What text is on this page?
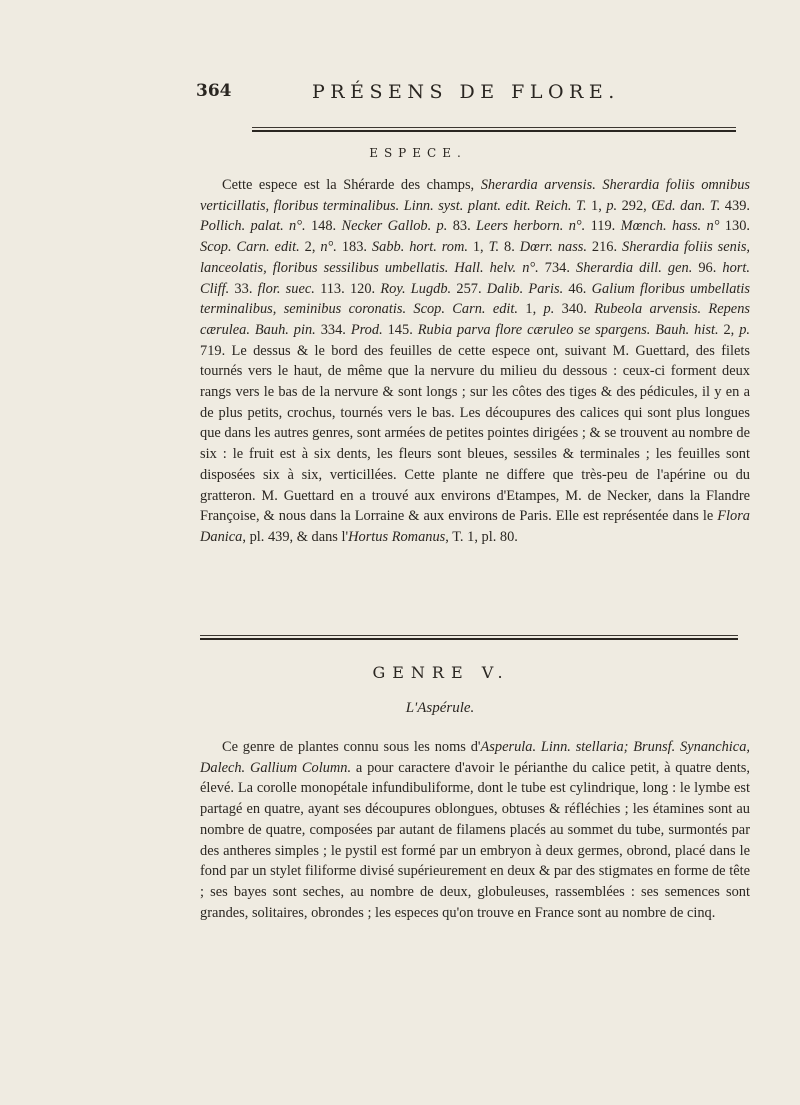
364	PRÉSENS DE FLORE.
ESPECE.

Cette espece est la Shérarde des champs, Sherardia arvensis. Sherardia foliis omnibus verticillatis, floribus terminalibus. Linn. syst. plant. edit. Reich. T. 1, p. 292, Œd. dan. T. 439. Pollich. palat. n°. 148. Necker Gallob. p. 83. Leers herborn. n°. 119. Mœnch. hass. n° 130. Scop. Carn. edit. 2, n°. 183. Sabb. hort. rom. 1, T. 8. Dœrr. nass. 216. Sherardia foliis senis, lanceolatis, floribus sessilibus umbellatis. Hall. helv. n°. 734. Sherardia dill. gen. 96. hort. Cliff. 33. flor. suec. 113. 120. Roy. Lugdb. 257. Dalib. Paris. 46. Galium floribus umbellatis terminalibus, seminibus coronatis. Scop. Carn. edit. 1, p. 340. Rubeola arvensis. Repens cærulea. Bauh. pin. 334. Prod. 145. Rubia parva flore cæruleo se spargens. Bauh. hist. 2, p. 719. Le dessus & le bord des feuilles de cette espece ont, suivant M. Guettard, des filets tournés vers le haut, de même que la nervure du milieu du dessous : ceux-ci forment deux rangs vers le bas de la nervure & sont longs ; sur les côtes des tiges & des pédicules, il y en a de plus petits, crochus, tournés vers le bas. Les découpures des calices qui sont plus longues que dans les autres genres, sont armées de petites pointes dirigées ; & se trouvent au nombre de six : le fruit est à six dents, les fleurs sont bleues, sessiles & terminales ; les feuilles sont disposées six à six, verticillées. Cette plante ne differe que très-peu de l'apérine ou du gratteron. M. Guettard en a trouvé aux environs d'Etampes, M. de Necker, dans la Flandre Françoise, & nous dans la Lorraine & aux environs de Paris. Elle est représentée dans le Flora Danica, pl. 439, & dans l'Hortus Romanus, T. 1, pl. 80.

GENRE V.
L'Aspérule.

Ce genre de plantes connu sous les noms d'Asperula. Linn. stellaria; Brunsf. Synanchica, Dalech. Gallium Column. a pour caractere d'avoir le périanthe du calice petit, à quatre dents, élevé. La corolle monopétale infundibuliforme, dont le tube est cylindrique, long : le lymbe est partagé en quatre, ayant ses découpures oblongues, obtuses & réfléchies ; les étamines sont au nombre de quatre, composées par autant de filamens placés au sommet du tube, surmontés par des antheres simples ; le pystil est formé par un embryon à deux germes, obrond, placé dans le fond par un stylet filiforme divisé supérieurement en deux & par des stigmates en forme de tête ; ses bayes sont seches, au nombre de deux, globuleuses, rassemblées : ses semences sont grandes, solitaires, obrondes ; les especes qu'on trouve en France sont au nombre de cinq.
